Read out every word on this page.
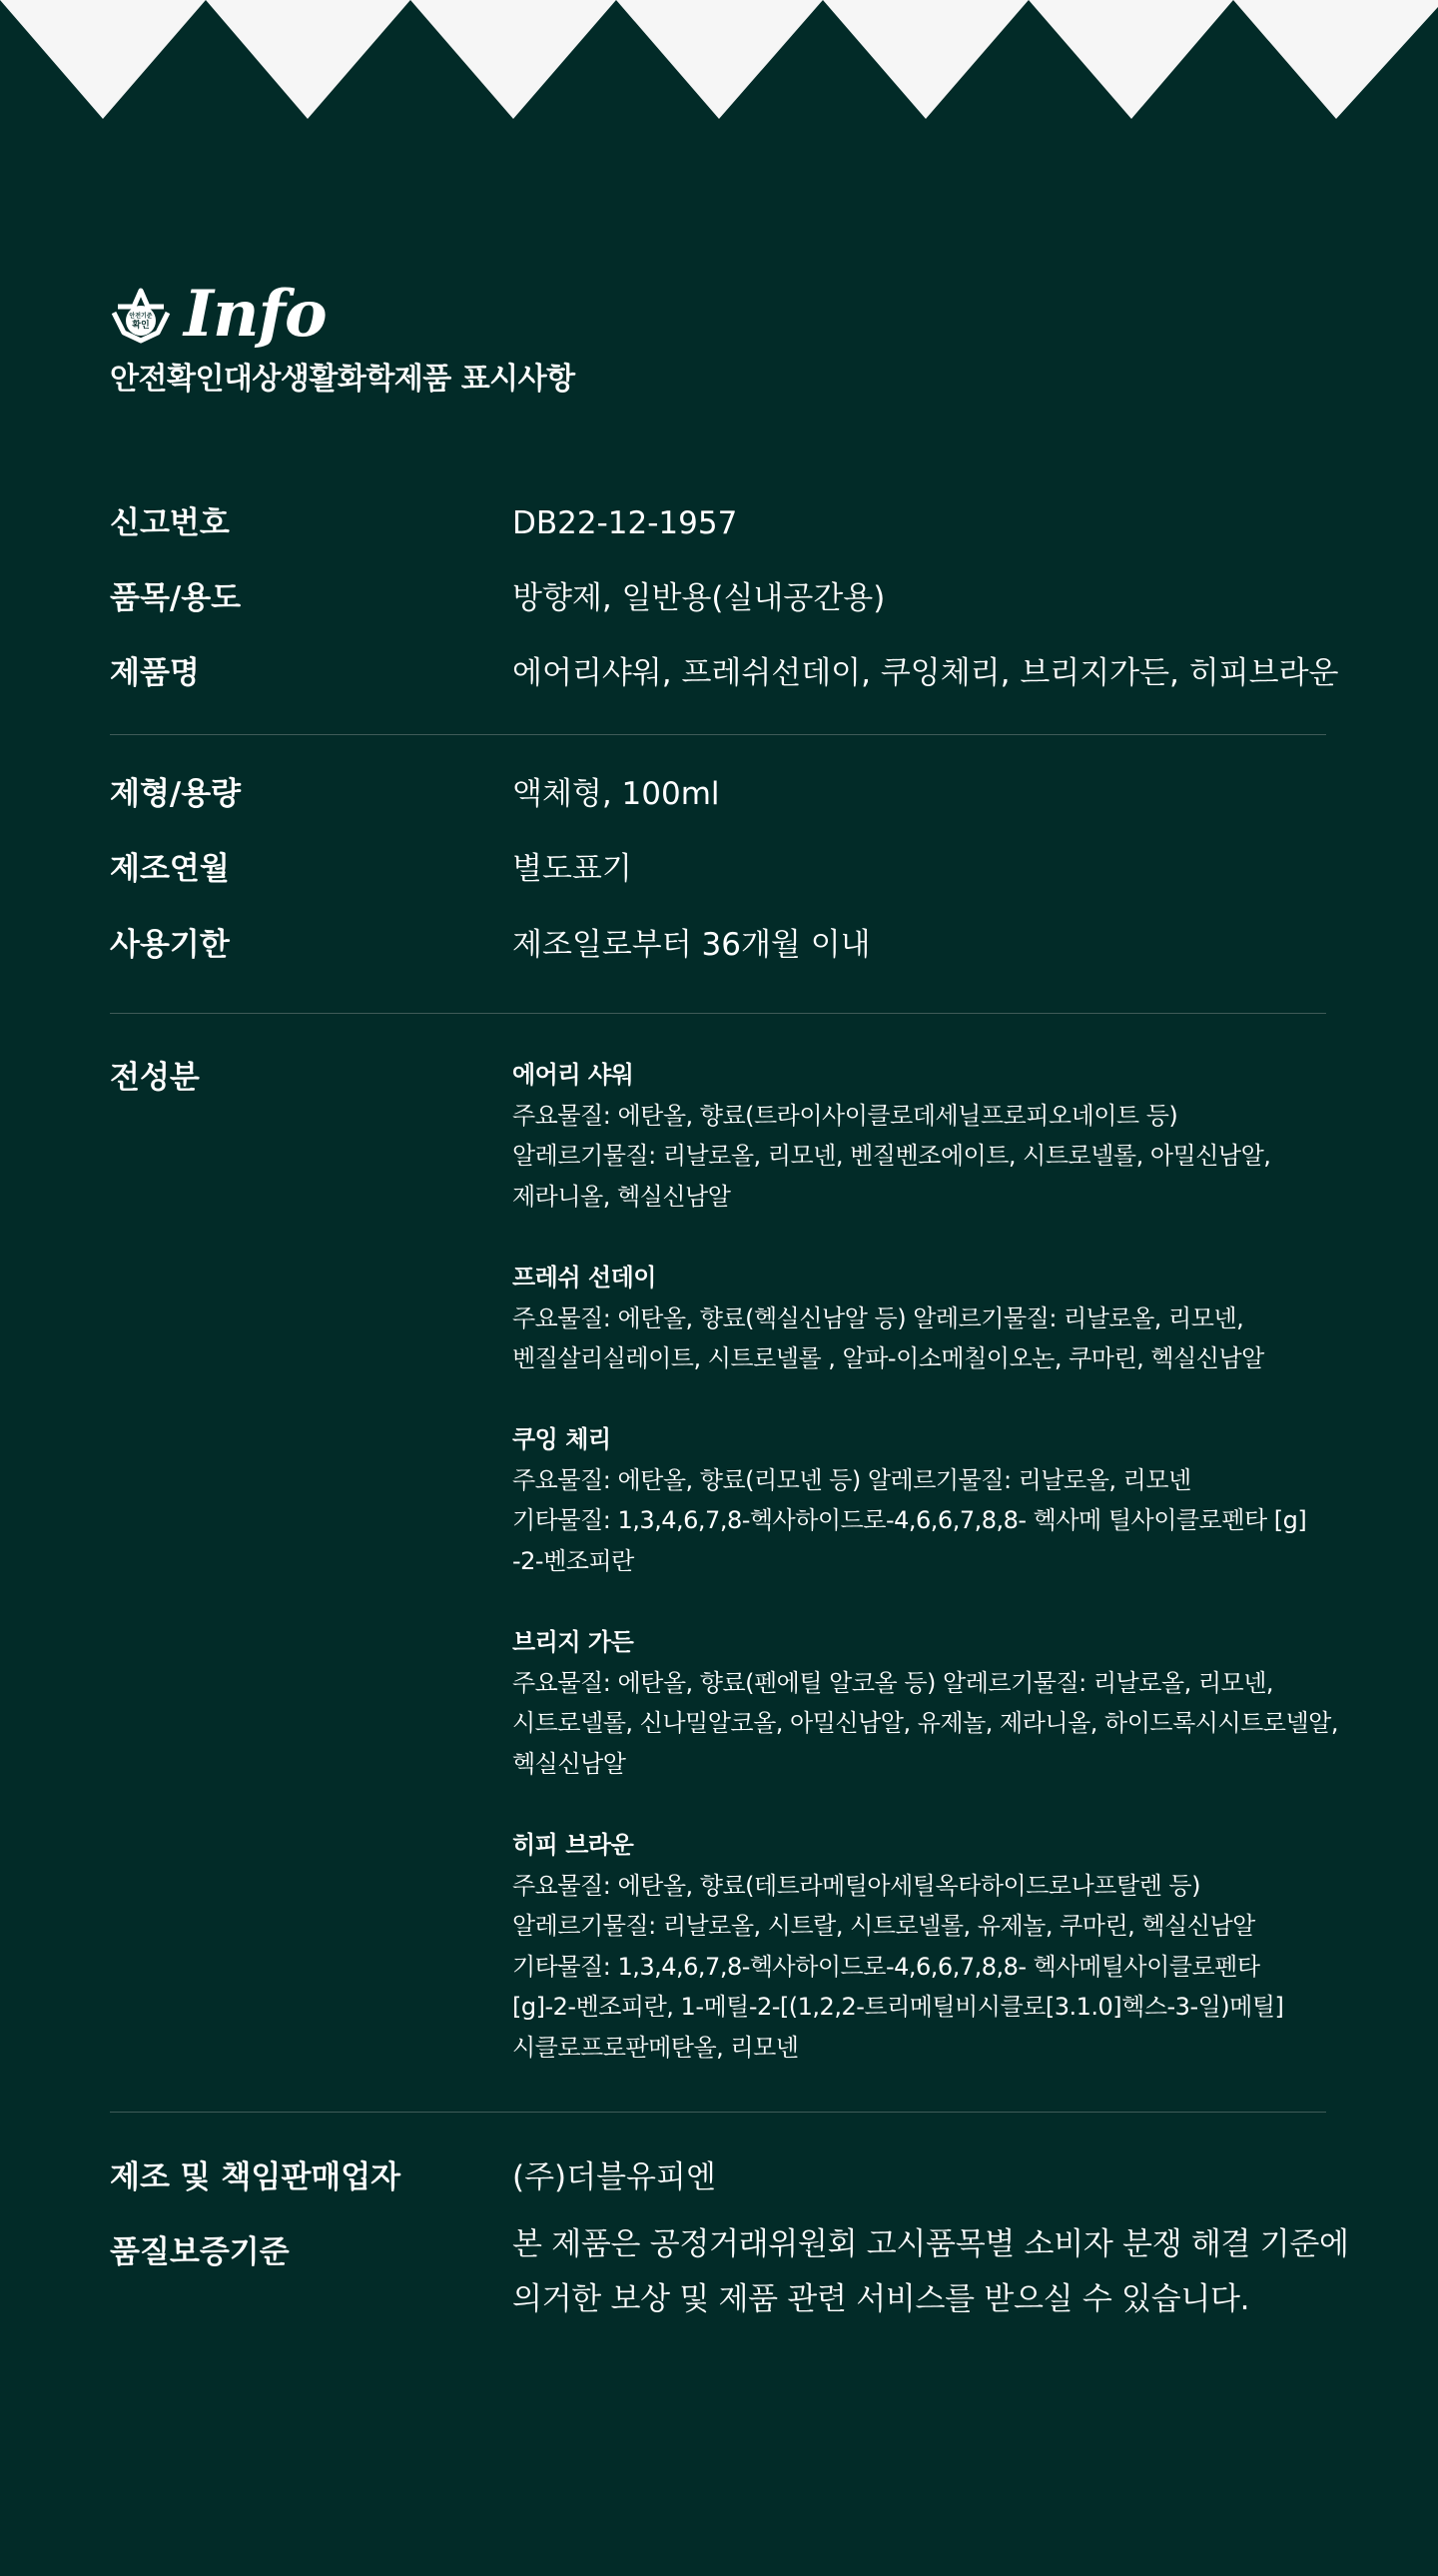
안전기준
확인 Info
안전확인대상생활화학제품 표시사항
신고번호	DB22-12-1957
품목/용도	방향제, 일반용(실내공간용)
제품명	에어리샤워, 프레쉬선데이, 쿠잉체리, 브리지가든, 히피브라운
제형/용량	액체형, 100ml
제조연월	별도표기
사용기한	제조일로부터 36개월 이내
전성분	에어리 샤워
주요물질: 에탄올, 향료(트라이사이클로데세닐프로피오네이트 등)
알레르기물질: 리날로올, 리모넨, 벤질벤조에이트, 시트로넬롤, 아밀신남알,
제라니올, 헥실신남알
프레쉬 선데이
주요물질: 에탄올, 향료(헥실신남알 등) 알레르기물질: 리날로올, 리모넨,
벤질살리실레이트, 시트로넬롤 , 알파-이소메칠이오논, 쿠마린, 헥실신남알
쿠잉 체리
주요물질: 에탄올, 향료(리모넨 등) 알레르기물질: 리날로올, 리모넨
기타물질: 1,3,4,6,7,8-헥사하이드로-4,6,6,7,8,8- 헥사메 틸사이클로펜타 [g]
-2-벤조피란
브리지 가든
주요물질: 에탄올, 향료(펜에틸 알코올 등) 알레르기물질: 리날로올, 리모넨,
시트로넬롤, 신나밀알코올, 아밀신남알, 유제놀, 제라니올, 하이드록시시트로넬알,
헥실신남알
히피 브라운
주요물질: 에탄올, 향료(테트라메틸아세틸옥타하이드로나프탈렌 등)
알레르기물질: 리날로올, 시트랄, 시트로넬롤, 유제놀, 쿠마린, 헥실신남알
기타물질: 1,3,4,6,7,8-헥사하이드로-4,6,6,7,8,8- 헥사메틸사이클로펜타
[g]-2-벤조피란, 1-메틸-2-[(1,2,2-트리메틸비시클로[3.1.0]헥스-3-일)메틸]
시클로프로판메탄올, 리모넨
제조 및 책임판매업자	(주)더블유피엔
품질보증기준	본 제품은 공정거래위원회 고시품목별 소비자 분쟁 해결 기준에
의거한 보상 및 제품 관련 서비스를 받으실 수 있습니다.
